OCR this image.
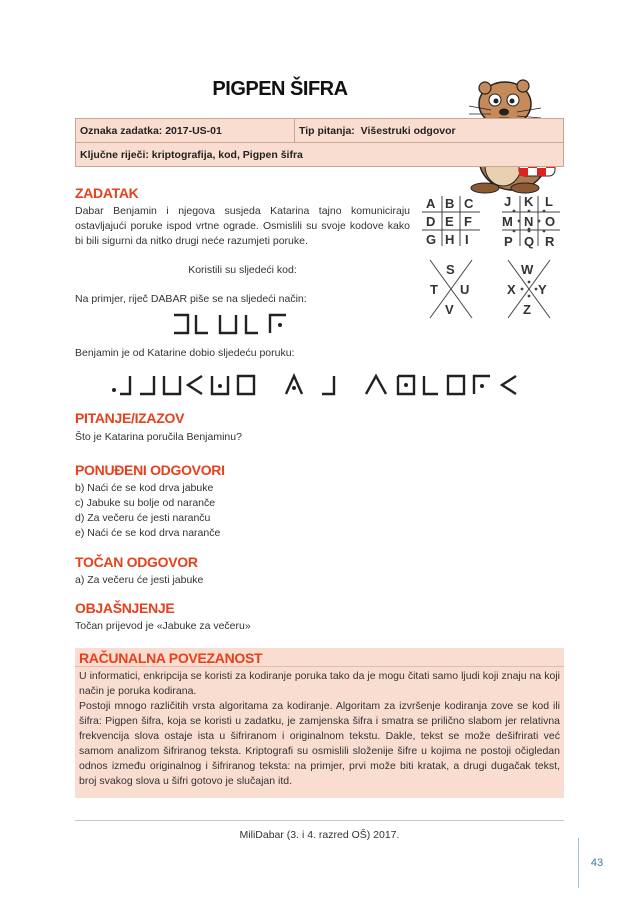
PIGPEN ŠIFRA
Oznaka zadatka: 2017-US-01	Tip pitanja: Višestruki odgovor
Ključne riječi: kriptografija, kod, Pigpen šifra
ZADATAK

Dabar Benjamin i njegova susjeda Katarina tajno komuniciraju ostavljajući poruke ispod vrtne ograde. Osmislili su svoje kodove kako bi bili sigurni da nitko drugi neće razumjeti poruke.

Koristili su sljedeći kod:

Na primjer, riječ DABAR piše se na sljedeći način:

A B C
D E F
G H I
J K L
M N O
P Q R
S
T U
V
W
X Y
Z

Benjamin je od Katarine dobio sljedeću poruku:

PITANJE/IZAZOV

Što je Katarina poručila Benjaminu?

PONUĐENI ODGOVORI

b) Naći će se kod drva jabuke

c) Jabuke su bolje od naranče

d) Za večeru će jesti naranču

e) Naći će se kod drva naranče

TOČAN ODGOVOR

a) Za večeru će jesti jabuke

OBJAŠNJENJE

Točan prijevod je «Jabuke za večeru»

RAČUNALNA POVEZANOST

U informatici, enkripcija se koristi za kodiranje poruka tako da je mogu čitati samo ljudi koji znaju na koji način je poruka kodirana.

Postoji mnogo različitih vrsta algoritama za kodiranje. Algoritam za izvršenje kodiranja zove se kod ili šifra: Pigpen šifra, koja se koristi u zadatku, je zamjenska šifra i smatra se prilično slabom jer relativna frekvencija slova ostaje ista u šifriranom i originalnom tekstu. Dakle, tekst se može dešifrirati već samom analizom šifriranog teksta. Kriptografi su osmislili složenije šifre u kojima ne postoji očigledan odnos između originalnog i šifriranog teksta: na primjer, prvi može biti kratak, a drugi dugačak tekst, broj svakog slova u šifri gotovo je slučajan itd.

MiliDabar (3. i 4. razred OŠ) 2017.
43
